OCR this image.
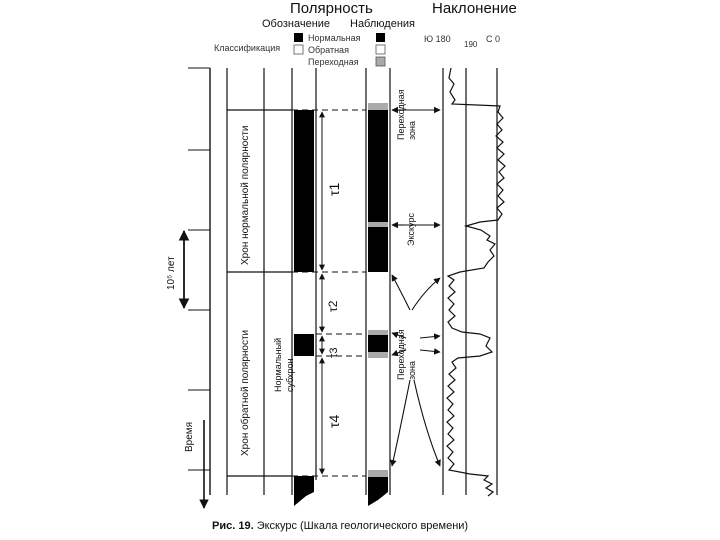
Полярность	Наклонение
Обозначение Наблюдения
Классификация
Нормальная
Обратная
Переходная
Ю 180
190
С 0
Хрон нормальной полярности
Хрон обратной полярности Нормальный субхрон
10⁵ лет
Время
Переходная зона
Экскурс
Переходная зона
τ1
τ2
τ3
τ4
Рис. 19. Экскурс (Шкала геологического времени)
